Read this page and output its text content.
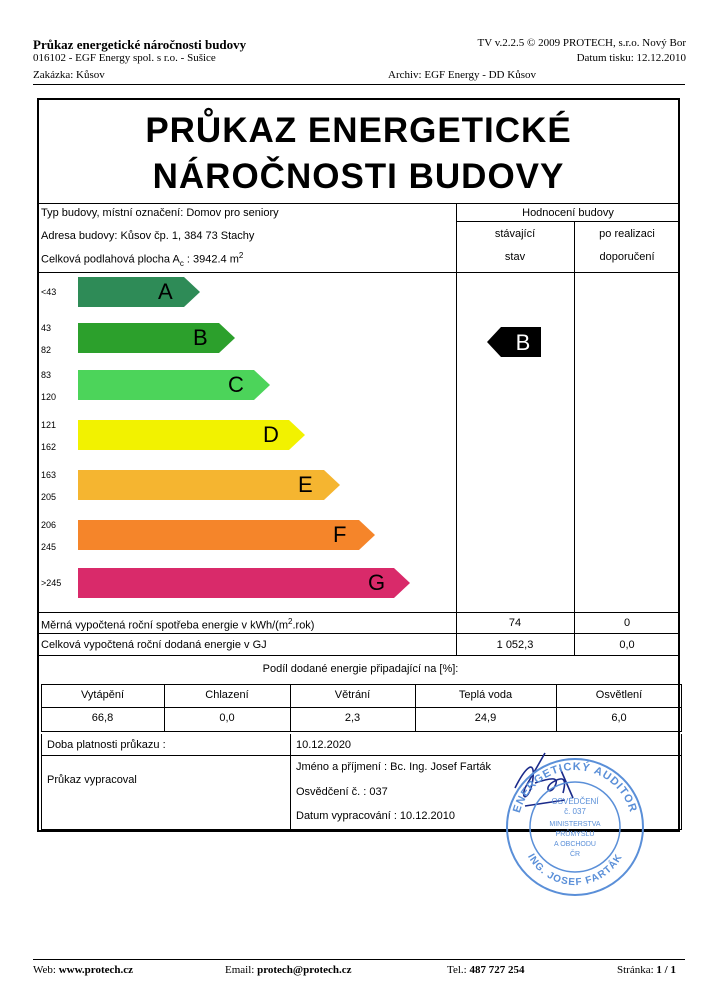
Průkaz energetické náročnosti budovy
016102 - EGF Energy spol. s r.o. - Sušice
Zakázka: Kůsov
TV v.2.2.5 © 2009 PROTECH, s.r.o. Nový Bor
Datum tisku: 12.12.2010
Archiv: EGF Energy - DD Kůsov
PRŮKAZ ENERGETICKÉ
NÁROČNOSTI BUDOVY
Typ budovy, místní označení: Domov pro seniory
Adresa budovy: Kůsov čp. 1, 384 73 Stachy
Celková podlahová plocha $A_c$ : 3942.4 $m^2$
Hodnocení budovy
stávající
stav
po realizaci
doporučení
A
<43
B
43
82
C
83
120
D
121
162
E
163
205
F
206
245
G
>245
B
Měrná vypočtená roční spotřeba energie v kWh/$(m^2.rok)$	74	0
Celková vypočtená roční dodaná energie v GJ	1 052,3	0,0
Podíl dodané energie připadající na [%]:
Vytápění	Chlazení	Větrání	Teplá voda	Osvětlení
66,8	0,0	2,3	24,9	6,0
Doba platnosti průkazu :	10.12.2020
Průkaz vypracoval
Jméno a příjmení : Bc. Ing. Josef Farták
Osvědčení č. : 037
Datum vypracování : 10.12.2010
ENERGETICKÝ AUDITOR
ING. JOSEF FARTÁK
OSVĚDČENÍ
č. 037
MINISTERSTVA
PRŮMYSLU
A OBCHODU
ČR
Web: www.protech.cz	Email: protech@protech.cz	Tel.: 487 727 254	Stránka: 1 / 1
